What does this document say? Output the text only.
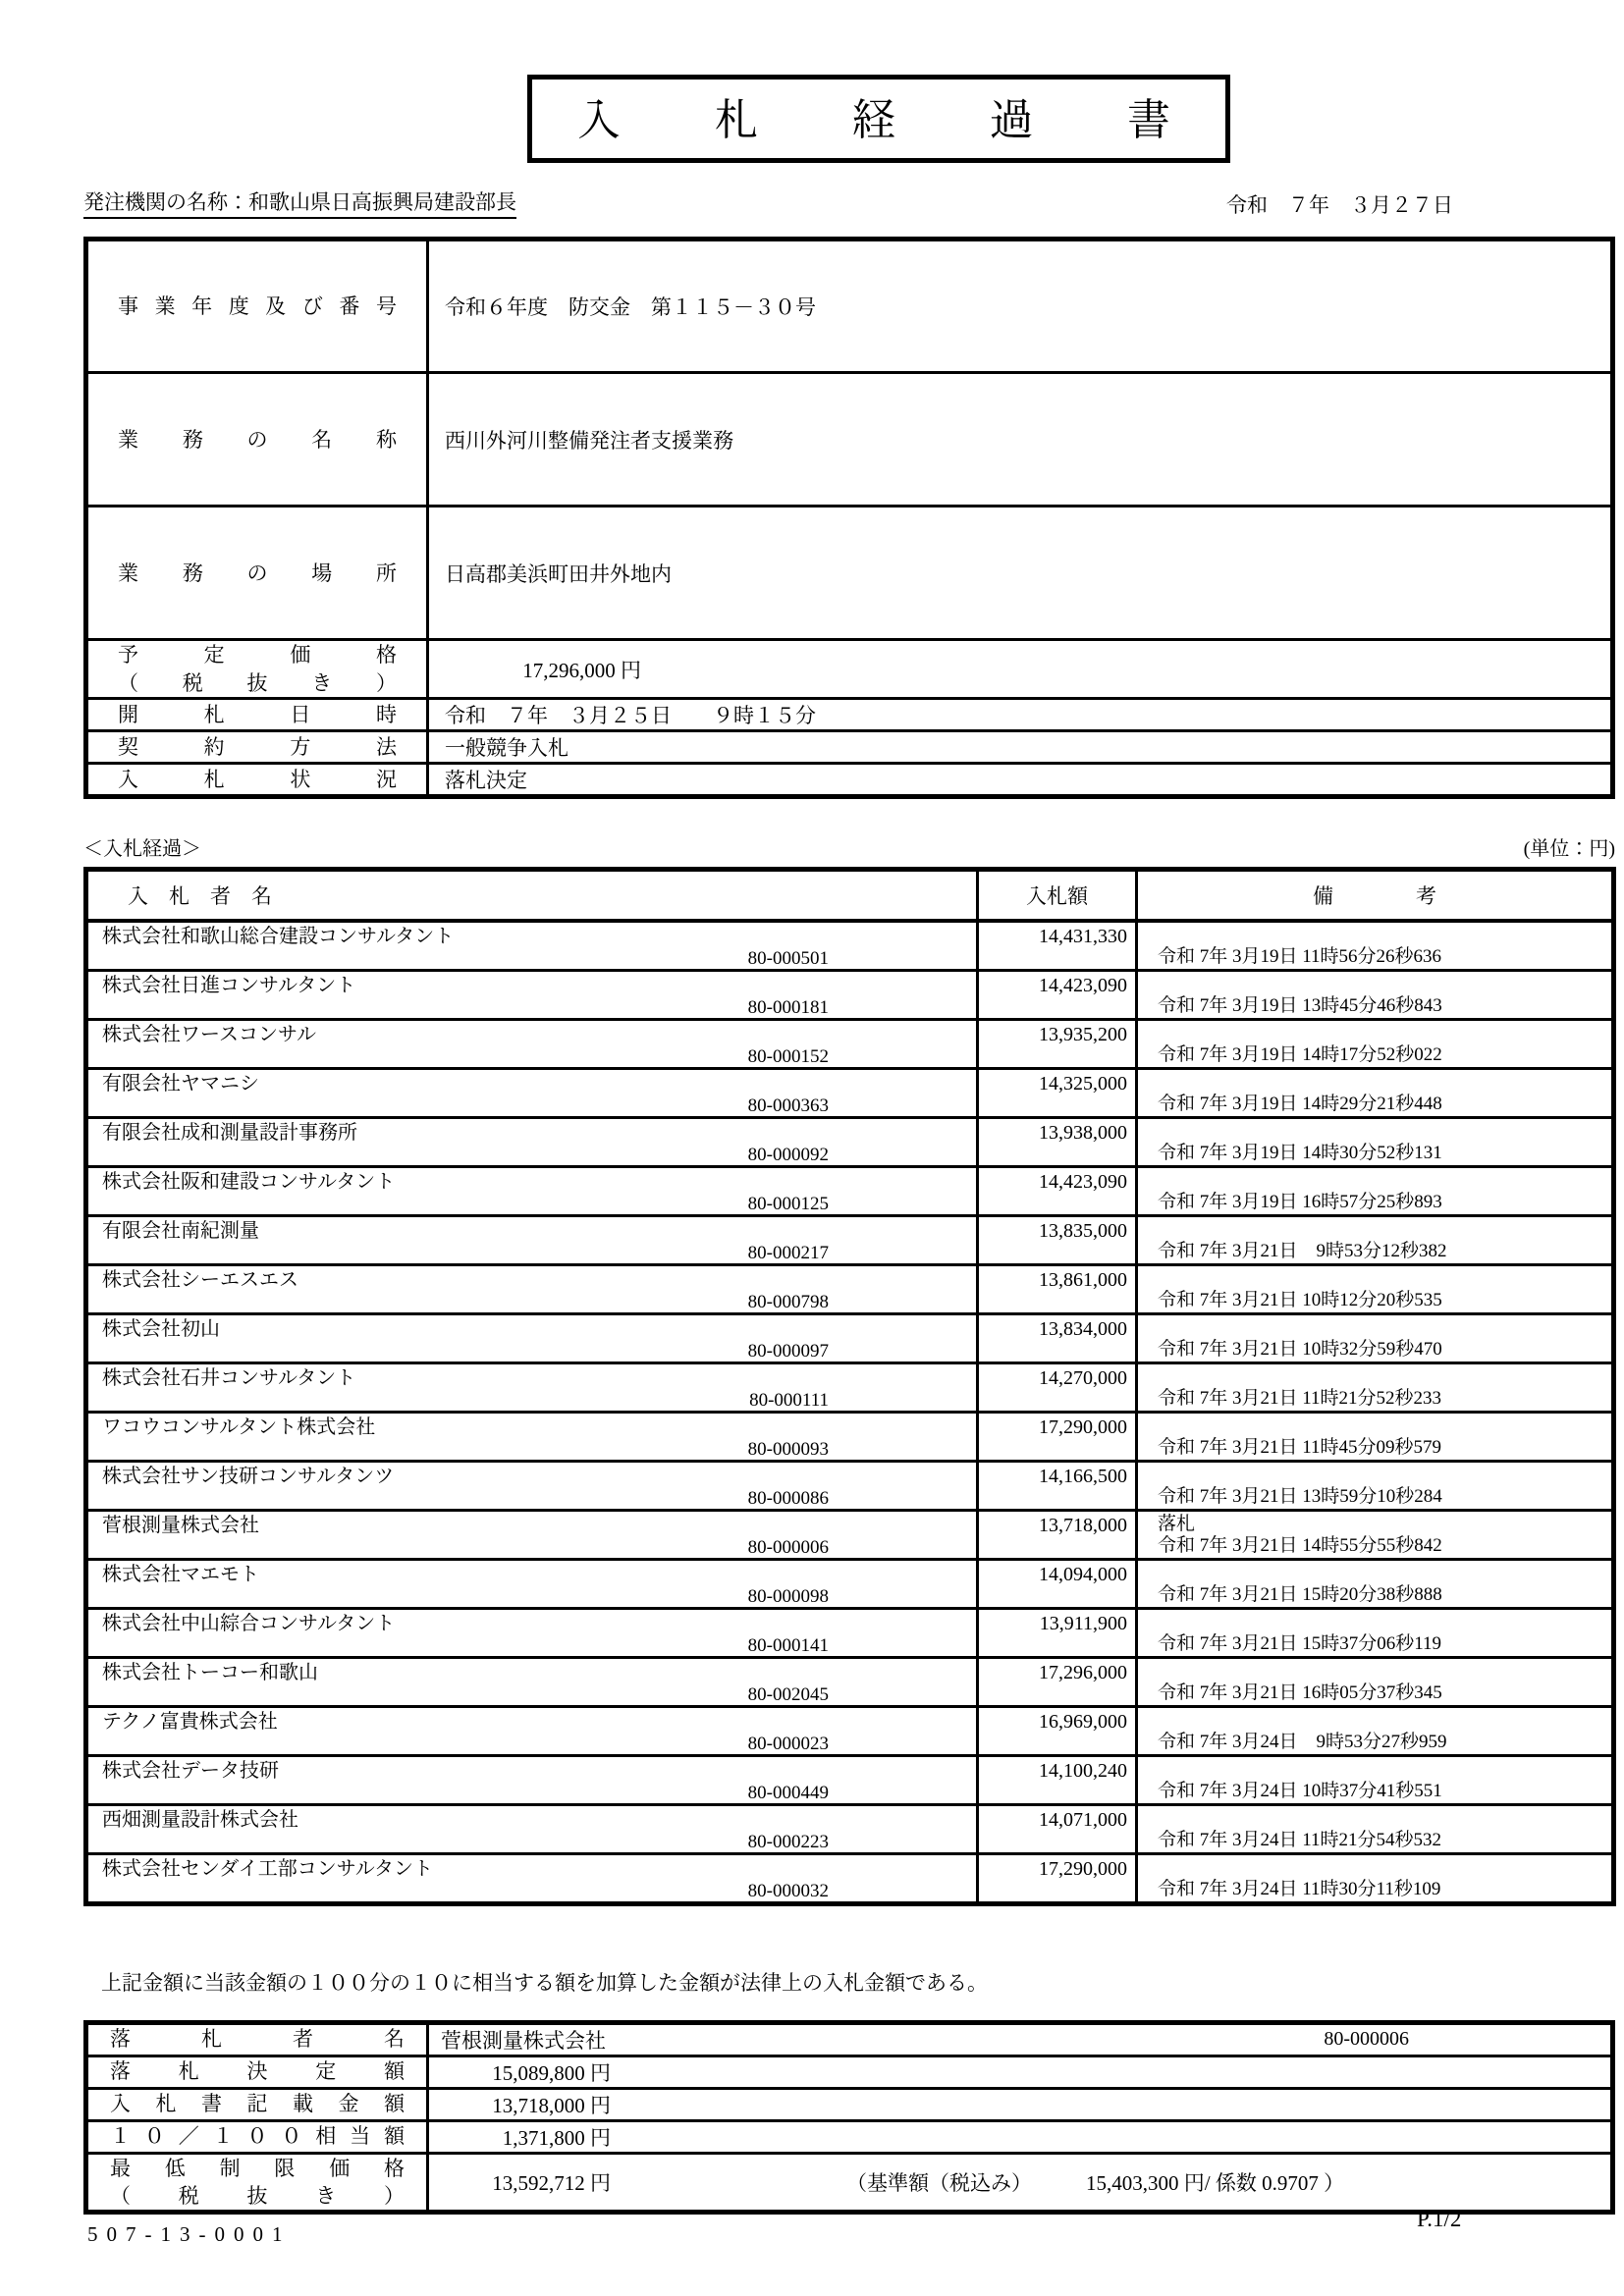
入　札　経　過　書
発注機関の名称：和歌山県日高振興局建設部長	令和　７年　３月２７日
事業年度及び番号	令和６年度　防交金　第１１５－３０号

業務の名称	西川外河川整備発注者支援業務

業務の場所	日高郡美浜町田井外地内

予定価格
（税抜き）	17,296,000 円

開札日時	令和　７年　３月２５日　　９時１５分

契約方法	一般競争入札

入札状況	落札決定
＜入札経過＞	(単位：円)
入　札　者　名	入札額	備　　　　考

株式会社和歌山総合建設コンサルタント
80-000501	14,431,330	令和 7年 3月19日 11時56分26秒636

株式会社日進コンサルタント
80-000181	14,423,090	令和 7年 3月19日 13時45分46秒843

株式会社ワースコンサル
80-000152	13,935,200	令和 7年 3月19日 14時17分52秒022

有限会社ヤマニシ
80-000363	14,325,000	令和 7年 3月19日 14時29分21秒448

有限会社成和測量設計事務所
80-000092	13,938,000	令和 7年 3月19日 14時30分52秒131

株式会社阪和建設コンサルタント
80-000125	14,423,090	令和 7年 3月19日 16時57分25秒893

有限会社南紀測量
80-000217	13,835,000	令和 7年 3月21日　9時53分12秒382

株式会社シーエスエス
80-000798	13,861,000	令和 7年 3月21日 10時12分20秒535

株式会社初山
80-000097	13,834,000	令和 7年 3月21日 10時32分59秒470

株式会社石井コンサルタント
80-000111	14,270,000	令和 7年 3月21日 11時21分52秒233

ワコウコンサルタント株式会社
80-000093	17,290,000	令和 7年 3月21日 11時45分09秒579

株式会社サン技研コンサルタンツ
80-000086	14,166,500	令和 7年 3月21日 13時59分10秒284

菅根測量株式会社
80-000006
	13,718,000	落札
令和 7年 3月21日 14時55分55秒842

株式会社マエモト
80-000098	14,094,000	令和 7年 3月21日 15時20分38秒888

株式会社中山綜合コンサルタント
80-000141	13,911,900	令和 7年 3月21日 15時37分06秒119

株式会社トーコー和歌山
80-002045	17,296,000	令和 7年 3月21日 16時05分37秒345

テクノ富貴株式会社
80-000023	16,969,000	令和 7年 3月24日　9時53分27秒959

株式会社データ技研
80-000449	14,100,240	令和 7年 3月24日 10時37分41秒551

西畑測量設計株式会社
80-000223	14,071,000	令和 7年 3月24日 11時21分54秒532

株式会社センダイ工部コンサルタント
80-000032	17,290,000	令和 7年 3月24日 11時30分11秒109
上記金額に当該金額の１００分の１０に相当する額を加算した金額が法律上の入札金額である。
落札者名	菅根測量株式会社 80-000006

落札決定額	15,089,800 円

入札書記載金額	13,718,000 円

１０／１００相当額	1,371,800 円

最低制限価格
（税抜き）

13,592,712 円	（基準額（税込み）	15,403,300 円/ 係数 0.9707 ）
507-13-0001
P.1/2
